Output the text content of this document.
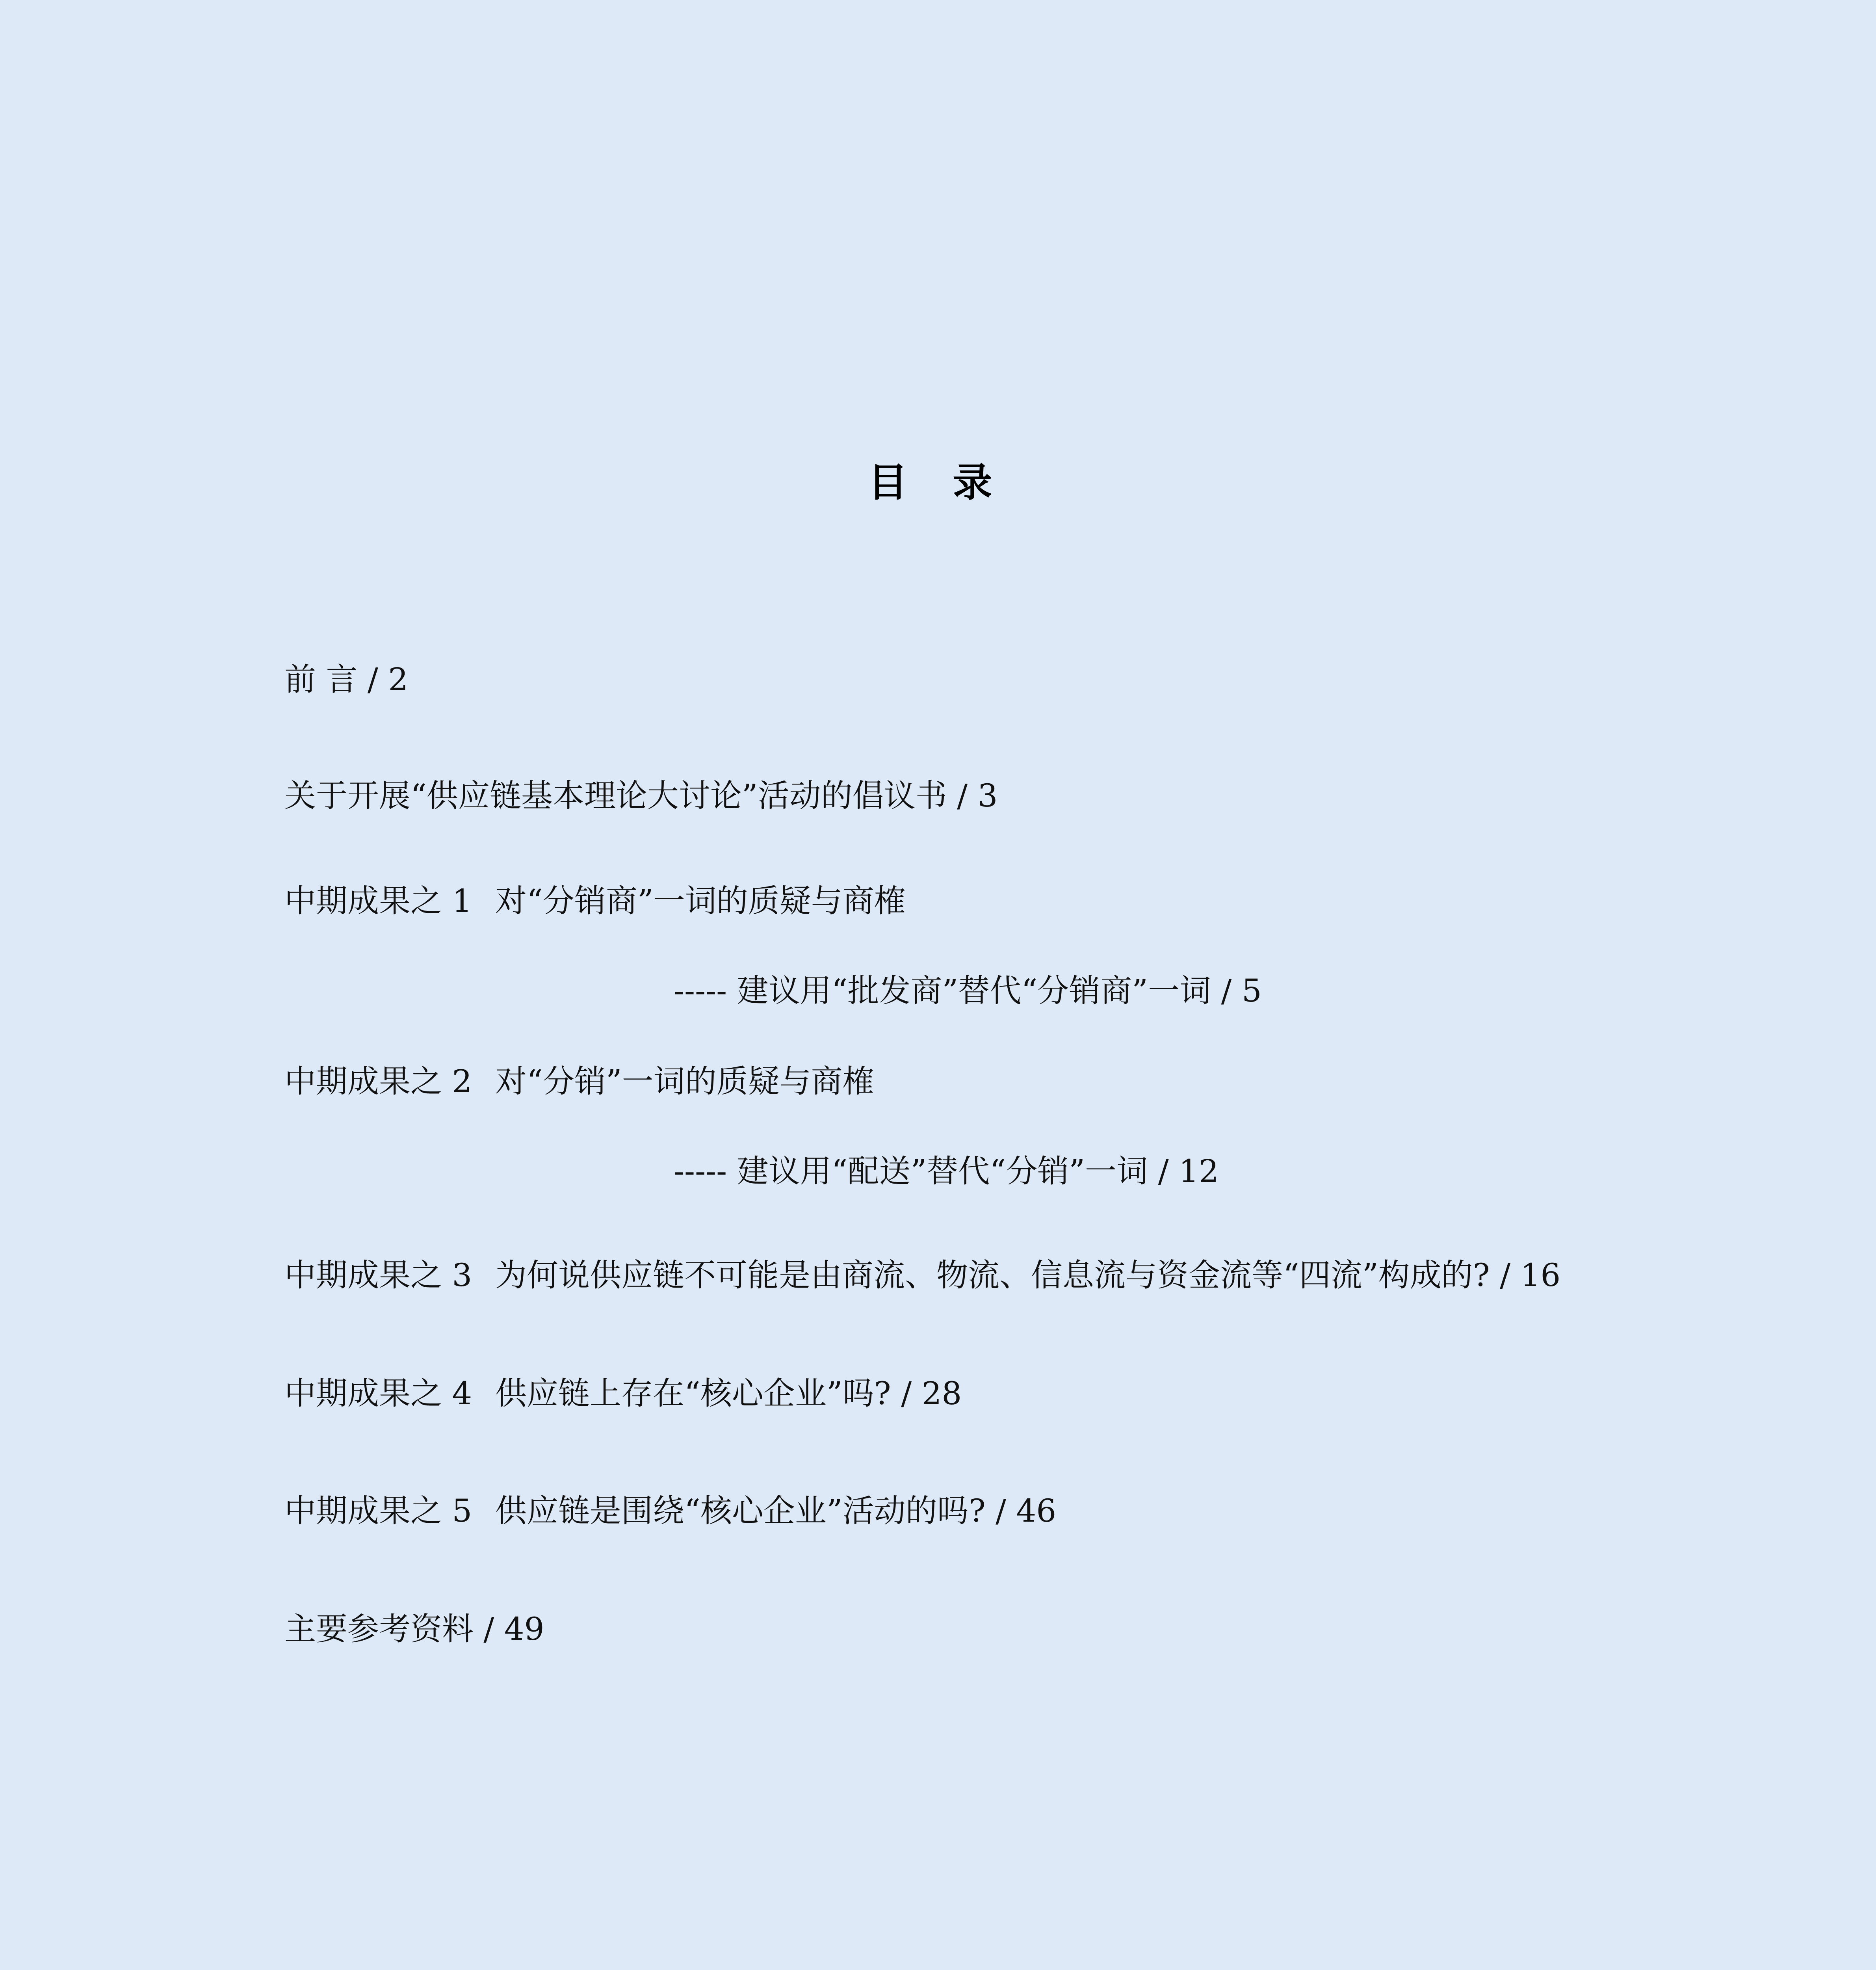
目 录
前 言 / 2
关于开展“供应链基本理论大讨论”活动的倡议书 / 3
中期成果之 1 对“分销商”一词的质疑与商榷
----- 建议用“批发商”替代“分销商”一词 / 5
中期成果之 2 对“分销”一词的质疑与商榷
----- 建议用“配送”替代“分销”一词 / 12
中期成果之 3 为何说供应链不可能是由商流、物流、信息流与资金流等“四流”构成的? / 16
中期成果之 4 供应链上存在“核心企业”吗? / 28
中期成果之 5 供应链是围绕“核心企业”活动的吗? / 46
主要参考资料 / 49
